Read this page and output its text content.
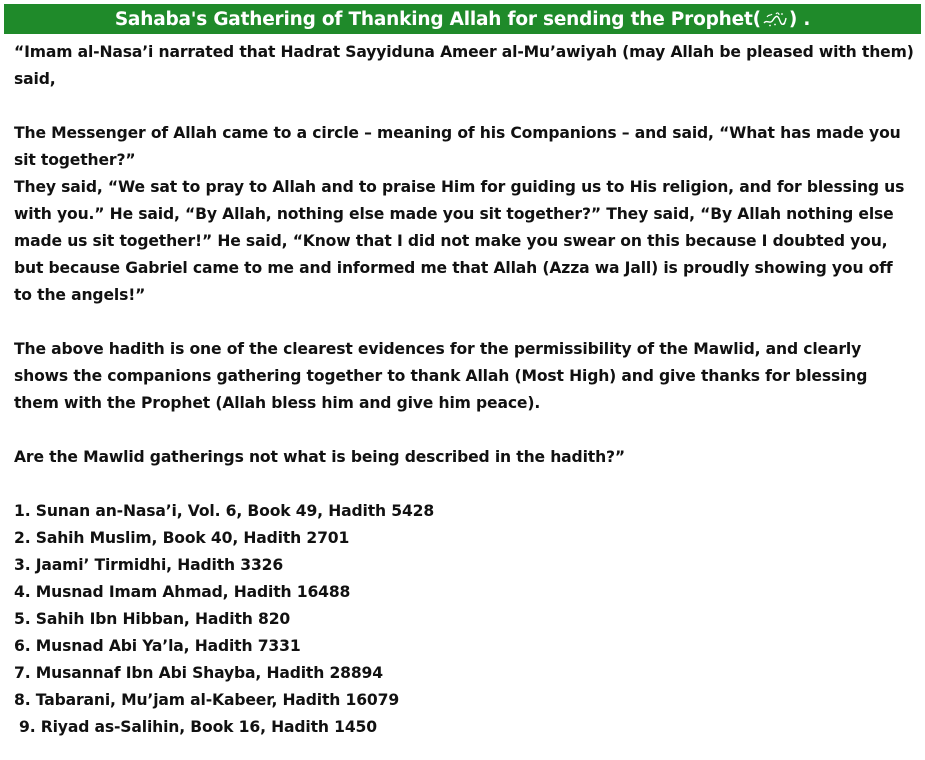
Sahaba's Gathering of Thanking Allah for sending the Prophet( ) .

“Imam al-Nasa’i narrated that Hadrat Sayyiduna Ameer al-Mu’awiyah (may Allah be pleased with them) said,

The Messenger of Allah came to a circle – meaning of his Companions – and said, “What has made you sit together?”

They said, “We sat to pray to Allah and to praise Him for guiding us to His religion, and for blessing us with you.” He said, “By Allah, nothing else made you sit together?” They said, “By Allah nothing else made us sit together!” He said, “Know that I did not make you swear on this because I doubted you, but because Gabriel came to me and informed me that Allah (Azza wa Jall) is proudly showing you off to the angels!”

The above hadith is one of the clearest evidences for the permissibility of the Mawlid, and clearly shows the companions gathering together to thank Allah (Most High) and give thanks for blessing them with the Prophet (Allah bless him and give him peace).

Are the Mawlid gatherings not what is being described in the hadith?”

1. Sunan an-Nasa’i, Vol. 6, Book 49, Hadith 5428
2. Sahih Muslim, Book 40, Hadith 2701
3. Jaami’ Tirmidhi, Hadith 3326
4. Musnad Imam Ahmad, Hadith 16488
5. Sahih Ibn Hibban, Hadith 820
6. Musnad Abi Ya’la, Hadith 7331
7. Musannaf Ibn Abi Shayba, Hadith 28894
8. Tabarani, Mu’jam al-Kabeer, Hadith 16079
9. Riyad as-Salihin, Book 16, Hadith 1450
